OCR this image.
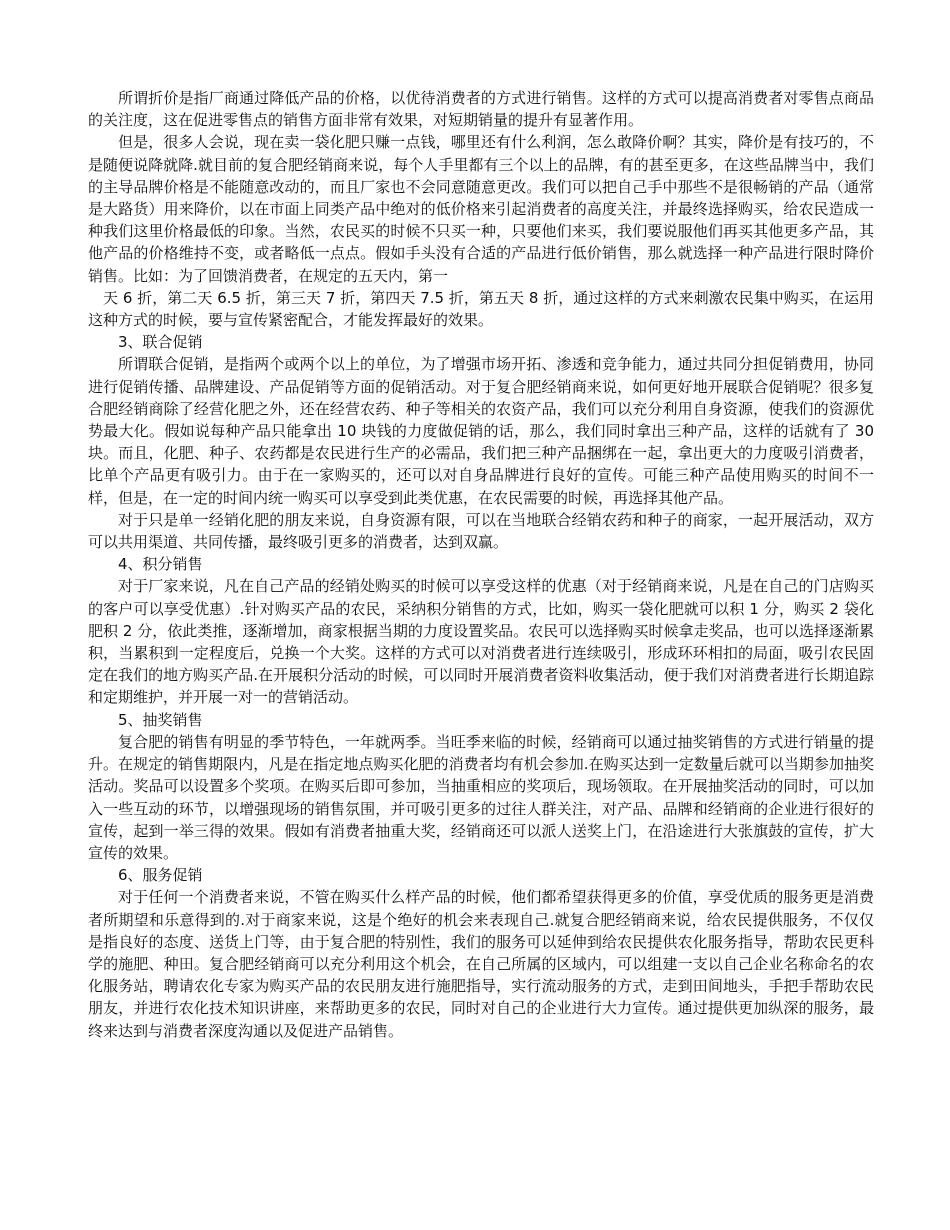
所谓折价是指厂商通过降低产品的价格，以优待消费者的方式进行销售。这样的方式可以提高消费者对零售点商品的关注度，这在促进零售点的销售方面非常有效果，对短期销量的提升有显著作用。

但是，很多人会说，现在卖一袋化肥只赚一点钱，哪里还有什么利润，怎么敢降价啊？其实，降价是有技巧的，不是随便说降就降.就目前的复合肥经销商来说，每个人手里都有三个以上的品牌，有的甚至更多，在这些品牌当中，我们的主导品牌价格是不能随意改动的，而且厂家也不会同意随意更改。我们可以把自己手中那些不是很畅销的产品（通常是大路货）用来降价，以在市面上同类产品中绝对的低价格来引起消费者的高度关注，并最终选择购买，给农民造成一种我们这里价格最低的印象。当然，农民买的时候不只买一种，只要他们来买，我们要说服他们再买其他更多产品，其他产品的价格维持不变，或者略低一点点。假如手头没有合适的产品进行低价销售，那么就选择一种产品进行限时降价销售。比如：为了回馈消费者，在规定的五天内，第一

天 6 折，第二天 6.5 折，第三天 7 折，第四天 7.5 折，第五天 8 折，通过这样的方式来刺激农民集中购买，在运用这种方式的时候，要与宣传紧密配合，才能发挥最好的效果。

3、联合促销

所谓联合促销，是指两个或两个以上的单位，为了增强市场开拓、渗透和竞争能力，通过共同分担促销费用，协同进行促销传播、品牌建设、产品促销等方面的促销活动。对于复合肥经销商来说，如何更好地开展联合促销呢？很多复合肥经销商除了经营化肥之外，还在经营农药、种子等相关的农资产品，我们可以充分利用自身资源，使我们的资源优势最大化。假如说每种产品只能拿出 10 块钱的力度做促销的话，那么，我们同时拿出三种产品，这样的话就有了 30 块。而且，化肥、种子、农药都是农民进行生产的必需品，我们把三种产品捆绑在一起，拿出更大的力度吸引消费者，比单个产品更有吸引力。由于在一家购买的，还可以对自身品牌进行良好的宣传。可能三种产品使用购买的时间不一样，但是，在一定的时间内统一购买可以享受到此类优惠，在农民需要的时候，再选择其他产品。

对于只是单一经销化肥的朋友来说，自身资源有限，可以在当地联合经销农药和种子的商家，一起开展活动，双方可以共用渠道、共同传播，最终吸引更多的消费者，达到双赢。

4、积分销售

对于厂家来说，凡在自己产品的经销处购买的时候可以享受这样的优惠（对于经销商来说，凡是在自己的门店购买的客户可以享受优惠）.针对购买产品的农民，采纳积分销售的方式，比如，购买一袋化肥就可以积 1 分，购买 2 袋化肥积 2 分，依此类推，逐渐增加，商家根据当期的力度设置奖品。农民可以选择购买时候拿走奖品，也可以选择逐渐累积，当累积到一定程度后，兑换一个大奖。这样的方式可以对消费者进行连续吸引，形成环环相扣的局面，吸引农民固定在我们的地方购买产品.在开展积分活动的时候，可以同时开展消费者资料收集活动，便于我们对消费者进行长期追踪和定期维护，并开展一对一的营销活动。

5、抽奖销售

复合肥的销售有明显的季节特色，一年就两季。当旺季来临的时候，经销商可以通过抽奖销售的方式进行销量的提升。在规定的销售期限内，凡是在指定地点购买化肥的消费者均有机会参加.在购买达到一定数量后就可以当期参加抽奖活动。奖品可以设置多个奖项。在购买后即可参加，当抽重相应的奖项后，现场领取。在开展抽奖活动的同时，可以加入一些互动的环节，以增强现场的销售氛围，并可吸引更多的过往人群关注，对产品、品牌和经销商的企业进行很好的宣传，起到一举三得的效果。假如有消费者抽重大奖，经销商还可以派人送奖上门，在沿途进行大张旗鼓的宣传，扩大宣传的效果。

6、服务促销

对于任何一个消费者来说，不管在购买什么样产品的时候，他们都希望获得更多的价值，享受优质的服务更是消费者所期望和乐意得到的.对于商家来说，这是个绝好的机会来表现自己.就复合肥经销商来说，给农民提供服务，不仅仅是指良好的态度、送货上门等，由于复合肥的特别性，我们的服务可以延伸到给农民提供农化服务指导，帮助农民更科学的施肥、种田。复合肥经销商可以充分利用这个机会，在自己所属的区域内，可以组建一支以自己企业名称命名的农化服务站，聘请农化专家为购买产品的农民朋友进行施肥指导，实行流动服务的方式，走到田间地头，手把手帮助农民朋友，并进行农化技术知识讲座，来帮助更多的农民，同时对自己的企业进行大力宣传。通过提供更加纵深的服务，最终来达到与消费者深度沟通以及促进产品销售。
